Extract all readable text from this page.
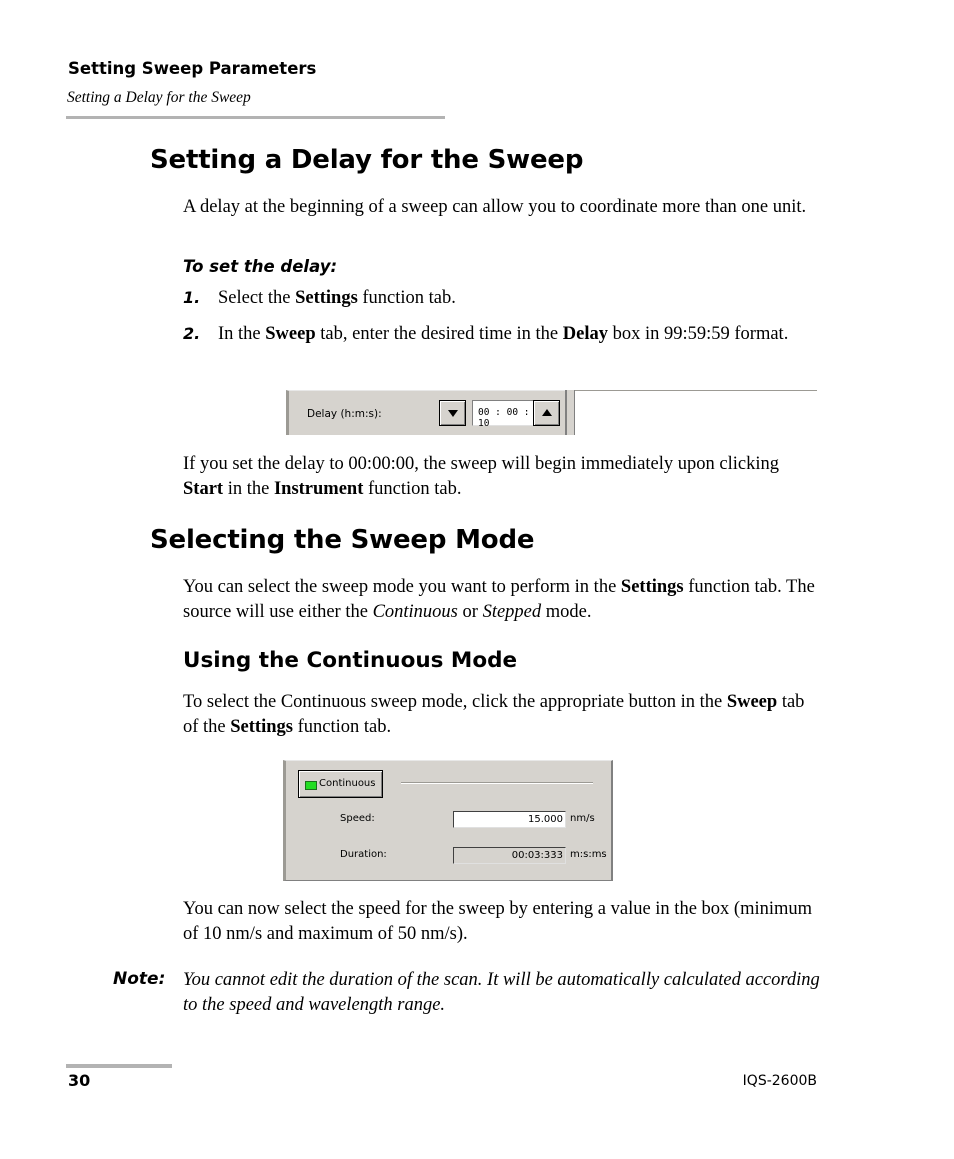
Setting Sweep Parameters
Setting a Delay for the Sweep
Setting a Delay for the Sweep
A delay at the beginning of a sweep can allow you to coordinate more than one unit.
To set the delay:
1. Select the Settings function tab.
2. In the Sweep tab, enter the desired time in the Delay box in 99:59:59 format.
Delay (h:m:s):	00 : 00 : 10
If you set the delay to 00:00:00, the sweep will begin immediately upon clicking Start in the Instrument function tab.
Selecting the Sweep Mode
You can select the sweep mode you want to perform in the Settings function tab. The source will use either the Continuous or Stepped mode.
Using the Continuous Mode
To select the Continuous sweep mode, click the appropriate button in the Sweep tab of the Settings function tab.
Continuous
Speed:	15.000 nm/s
Duration:	00:03:333 m:s:ms
You can now select the speed for the sweep by entering a value in the box (minimum of 10 nm/s and maximum of 50 nm/s).
Note: You cannot edit the duration of the scan. It will be automatically calculated according to the speed and wavelength range.
30	IQS-2600B
